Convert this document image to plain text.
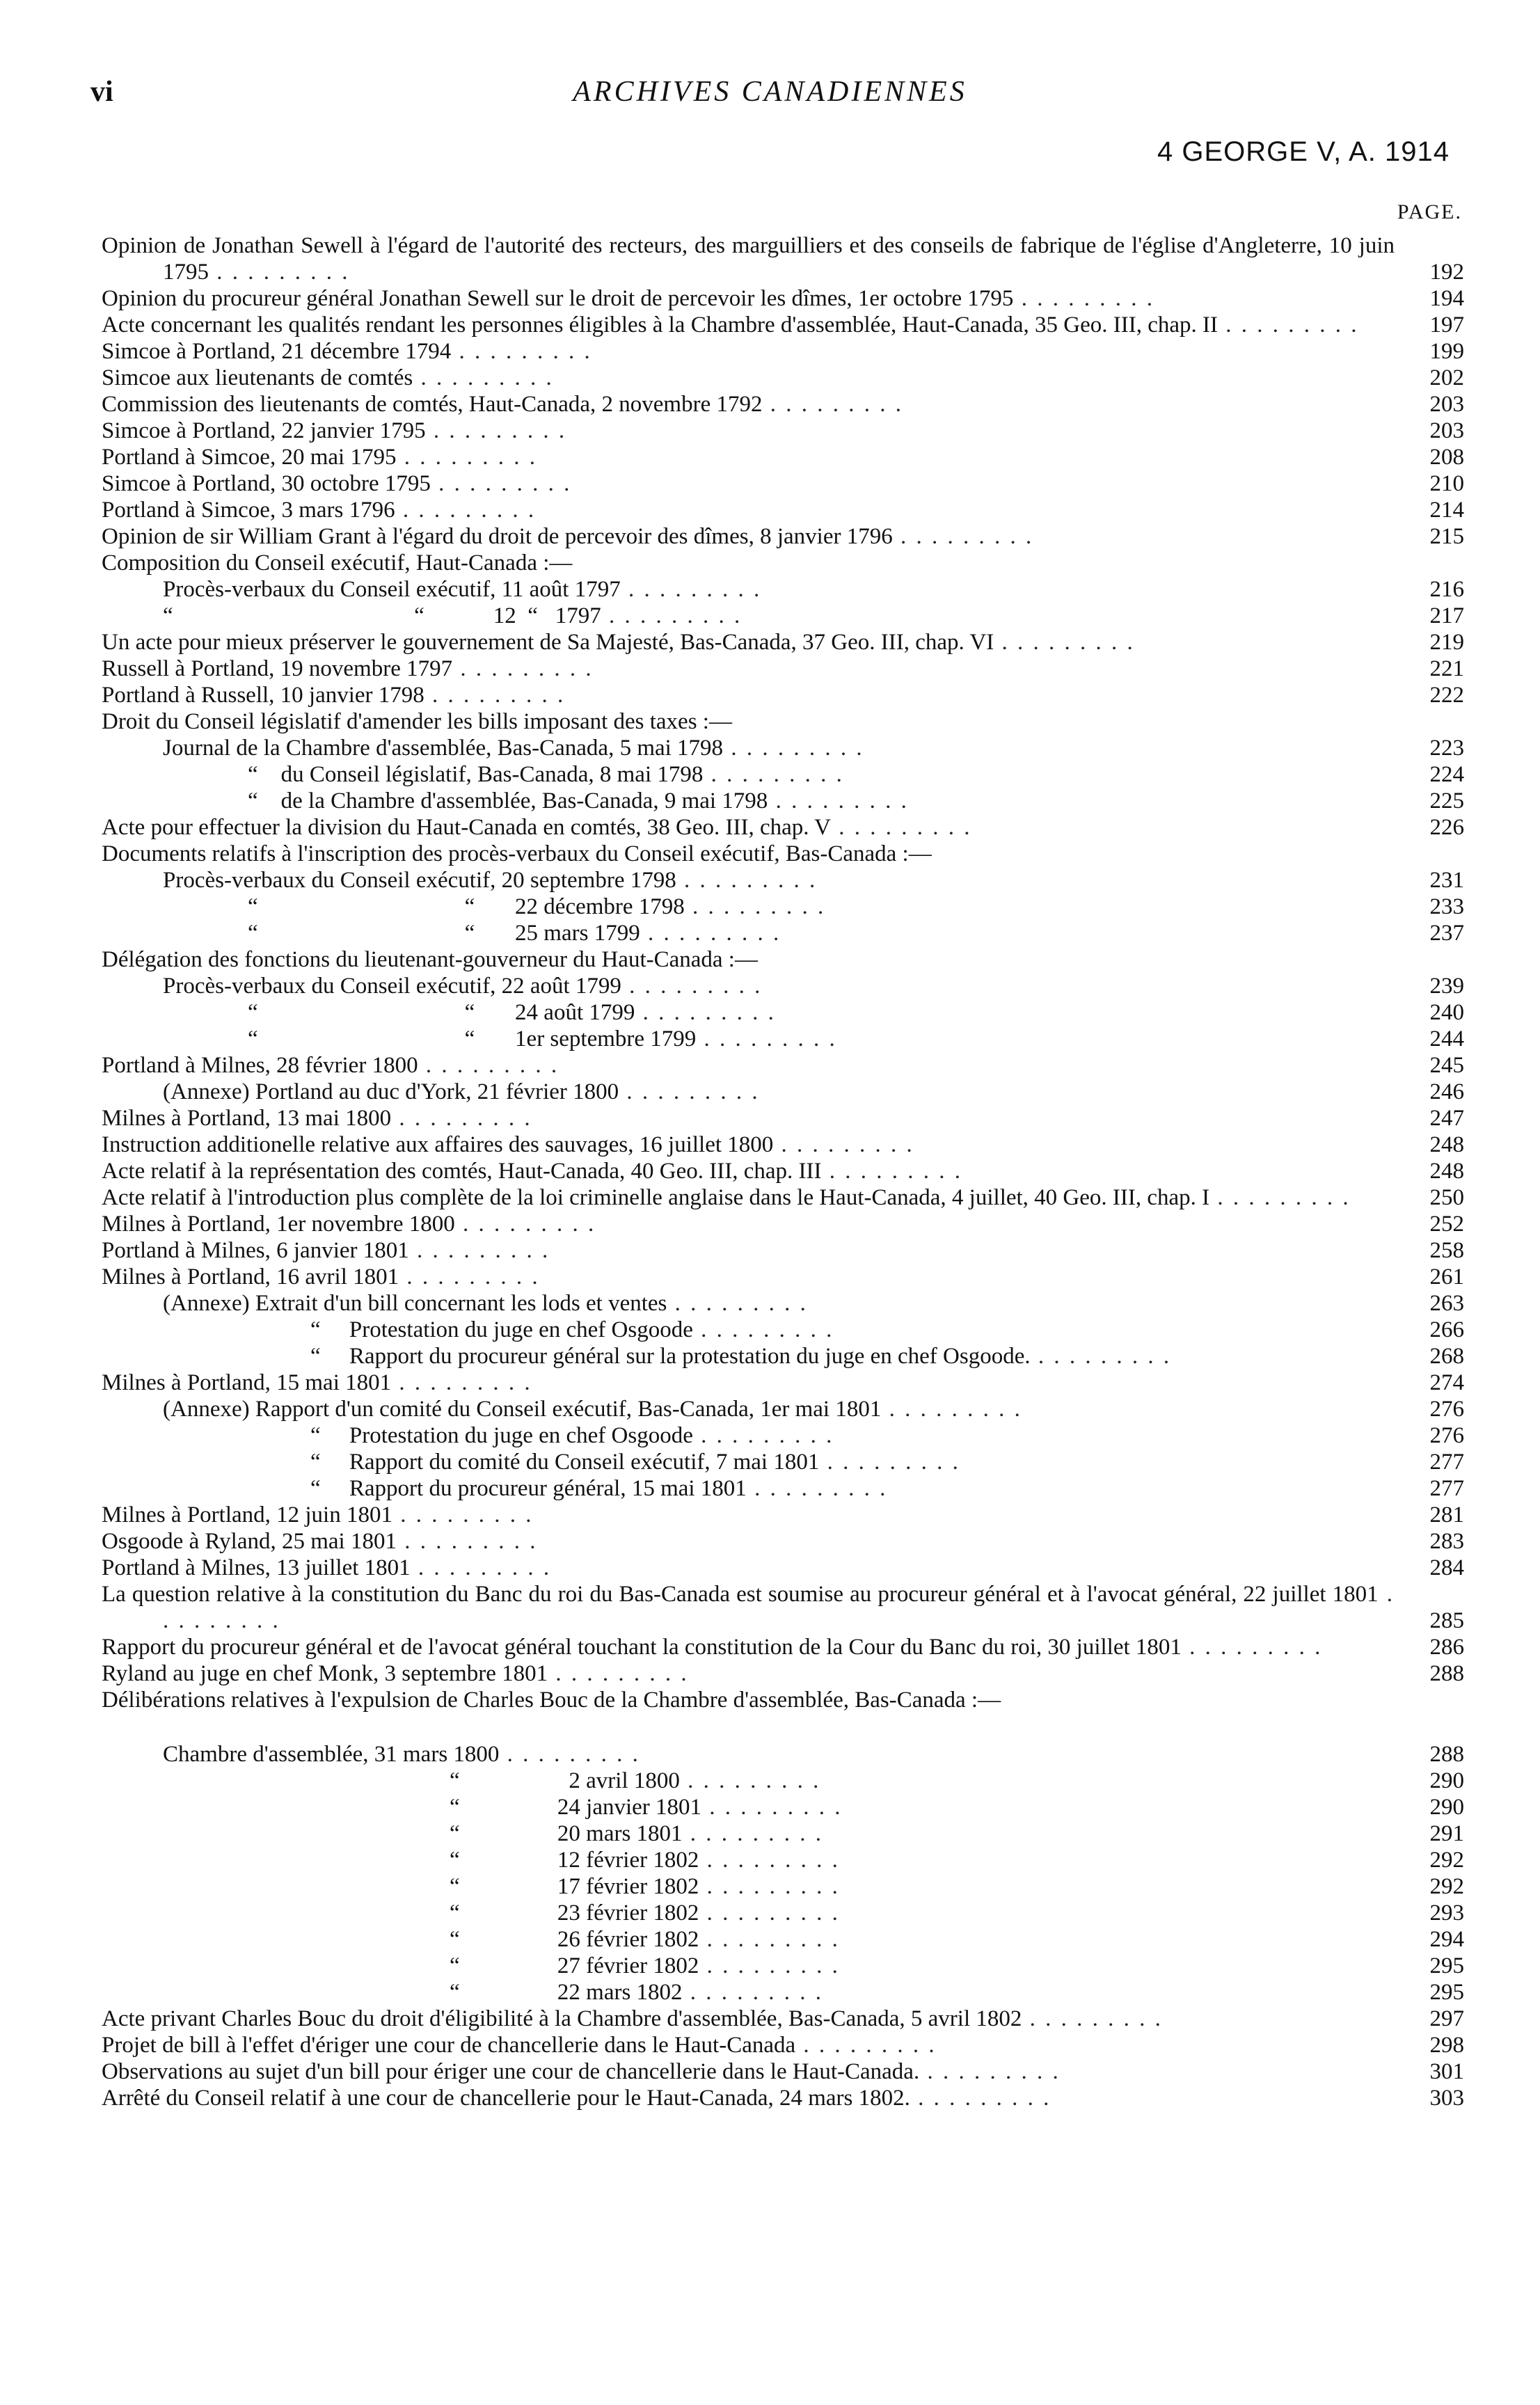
vi	ARCHIVES CANADIENNES
4 GEORGE V, A. 1914
PAGE.
Opinion de Jonathan Sewell à l'égard de l'autorité des recteurs, des marguilliers et des conseils de fabrique de l'église d'Angleterre, 10 juin 1795 . . . . . . . . .	192
Opinion du procureur général Jonathan Sewell sur le droit de percevoir les dîmes, 1er octobre 1795 . . . . . . . . .	194
Acte concernant les qualités rendant les personnes éligibles à la Chambre d'assemblée, Haut-Canada, 35 Geo. III, chap. II . . . . . . . . .	197
Simcoe à Portland, 21 décembre 1794 . . . . . . . . .	199
Simcoe aux lieutenants de comtés . . . . . . . . .	202
Commission des lieutenants de comtés, Haut-Canada, 2 novembre 1792 . . . . . . . . .	203
Simcoe à Portland, 22 janvier 1795 . . . . . . . . .	203
Portland à Simcoe, 20 mai 1795 . . . . . . . . .	208
Simcoe à Portland, 30 octobre 1795 . . . . . . . . .	210
Portland à Simcoe, 3 mars 1796 . . . . . . . . .	214
Opinion de sir William Grant à l'égard du droit de percevoir des dîmes, 8 janvier 1796 . . . . . . . . .	215
Composition du Conseil exécutif, Haut-Canada :—
Procès-verbaux du Conseil exécutif, 11 août 1797 . . . . . . . . .	216
“                                          “            12  “   1797 . . . . . . . . .	217
Un acte pour mieux préserver le gouvernement de Sa Majesté, Bas-Canada, 37 Geo. III, chap. VI . . . . . . . . .	219
Russell à Portland, 19 novembre 1797 . . . . . . . . .	221
Portland à Russell, 10 janvier 1798 . . . . . . . . .	222
Droit du Conseil législatif d'amender les bills imposant des taxes :—
Journal de la Chambre d'assemblée, Bas-Canada, 5 mai 1798 . . . . . . . . .	223
“    du Conseil législatif, Bas-Canada, 8 mai 1798 . . . . . . . . .	224
“    de la Chambre d'assemblée, Bas-Canada, 9 mai 1798 . . . . . . . . .	225
Acte pour effectuer la division du Haut-Canada en comtés, 38 Geo. III, chap. V . . . . . . . . .	226
Documents relatifs à l'inscription des procès-verbaux du Conseil exécutif, Bas-Canada :—
Procès-verbaux du Conseil exécutif, 20 septembre 1798 . . . . . . . . .	231
“                                    “       22 décembre 1798 . . . . . . . . .	233
“                                    “       25 mars 1799 . . . . . . . . .	237
Délégation des fonctions du lieutenant-gouverneur du Haut-Canada :—
Procès-verbaux du Conseil exécutif, 22 août 1799 . . . . . . . . .	239
“                                    “       24 août 1799 . . . . . . . . .	240
“                                    “       1er septembre 1799 . . . . . . . . .	244
Portland à Milnes, 28 février 1800 . . . . . . . . .	245
(Annexe) Portland au duc d'York, 21 février 1800 . . . . . . . . .	246
Milnes à Portland, 13 mai 1800 . . . . . . . . .	247
Instruction additionelle relative aux affaires des sauvages, 16 juillet 1800 . . . . . . . . .	248
Acte relatif à la représentation des comtés, Haut-Canada, 40 Geo. III, chap. III . . . . . . . . .	248
Acte relatif à l'introduction plus complète de la loi criminelle anglaise dans le Haut-Canada, 4 juillet, 40 Geo. III, chap. I . . . . . . . . .	250
Milnes à Portland, 1er novembre 1800 . . . . . . . . .	252
Portland à Milnes, 6 janvier 1801 . . . . . . . . .	258
Milnes à Portland, 16 avril 1801 . . . . . . . . .	261
(Annexe) Extrait d'un bill concernant les lods et ventes . . . . . . . . .	263
“     Protestation du juge en chef Osgoode . . . . . . . . .	266
“     Rapport du procureur général sur la protestation du juge en chef Osgoode. . . . . . . . . .	268
Milnes à Portland, 15 mai 1801 . . . . . . . . .	274
(Annexe) Rapport d'un comité du Conseil exécutif, Bas-Canada, 1er mai 1801 . . . . . . . . .	276
“     Protestation du juge en chef Osgoode . . . . . . . . .	276
“     Rapport du comité du Conseil exécutif, 7 mai 1801 . . . . . . . . .	277
“     Rapport du procureur général, 15 mai 1801 . . . . . . . . .	277
Milnes à Portland, 12 juin 1801 . . . . . . . . .	281
Osgoode à Ryland, 25 mai 1801 . . . . . . . . .	283
Portland à Milnes, 13 juillet 1801 . . . . . . . . .	284
La question relative à la constitution du Banc du roi du Bas-Canada est soumise au procureur général et à l'avocat général, 22 juillet 1801 . . . . . . . . .	285
Rapport du procureur général et de l'avocat général touchant la constitution de la Cour du Banc du roi, 30 juillet 1801 . . . . . . . . .	286
Ryland au juge en chef Monk, 3 septembre 1801 . . . . . . . . .	288
Délibérations relatives à l'expulsion de Charles Bouc de la Chambre d'assemblée, Bas-Canada :—
Chambre d'assemblée, 31 mars 1800 . . . . . . . . .	288
“                   2 avril 1800 . . . . . . . . .	290
“                 24 janvier 1801 . . . . . . . . .	290
“                 20 mars 1801 . . . . . . . . .	291
“                 12 février 1802 . . . . . . . . .	292
“                 17 février 1802 . . . . . . . . .	292
“                 23 février 1802 . . . . . . . . .	293
“                 26 février 1802 . . . . . . . . .	294
“                 27 février 1802 . . . . . . . . .	295
“                 22 mars 1802 . . . . . . . . .	295
Acte privant Charles Bouc du droit d'éligibilité à la Chambre d'assemblée, Bas-Canada, 5 avril 1802 . . . . . . . . .	297
Projet de bill à l'effet d'ériger une cour de chancellerie dans le Haut-Canada . . . . . . . . .	298
Observations au sujet d'un bill pour ériger une cour de chancellerie dans le Haut-Canada. . . . . . . . . .	301
Arrêté du Conseil relatif à une cour de chancellerie pour le Haut-Canada, 24 mars 1802. . . . . . . . . .	303
